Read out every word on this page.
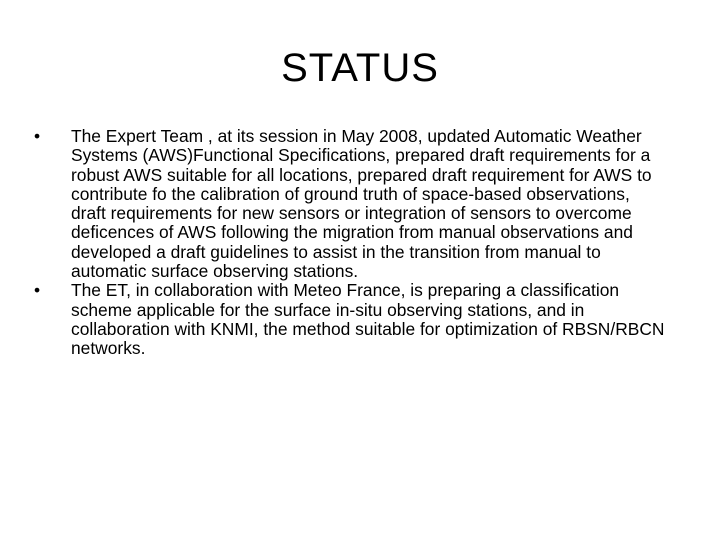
STATUS
•	The Expert Team , at its session in May 2008, updated Automatic Weather Systems (AWS)Functional Specifications, prepared draft requirements for a robust AWS suitable for all locations, prepared draft requirement for AWS to contribute fo the calibration of ground truth of space-based observations, draft requirements for new sensors or integration of sensors to overcome deficences of AWS following the migration from manual observations and developed a draft guidelines to assist in the transition from manual to automatic surface observing stations.
•	The ET, in collaboration with Meteo France, is preparing a classification scheme applicable for the surface in-situ observing stations, and in collaboration with KNMI, the method suitable for optimization of RBSN/RBCN networks.
